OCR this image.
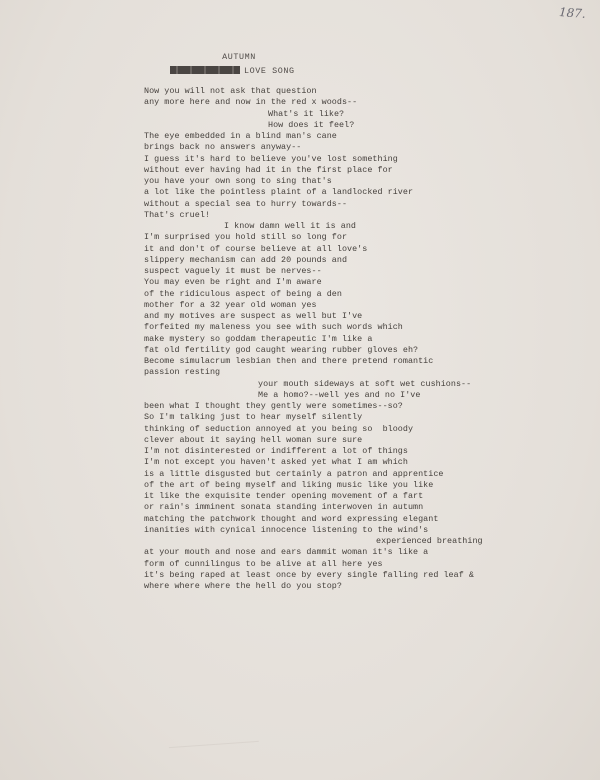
187.
AUTUMN
LOVE SONG
Now you will not ask that question
any more here and now in the red x woods--
What's it like?
How does it feel?
The eye embedded in a blind man's cane
brings back no answers anyway--
I guess it's hard to believe you've lost something
without ever having had it in the first place for
you have your own song to sing that's
a lot like the pointless plaint of a landlocked river
without a special sea to hurry towards--
That's cruel!
I know damn well it is and
I'm surprised you hold still so long for
it and don't of course believe at all love's
slippery mechanism can add 20 pounds and
suspect vaguely it must be nerves--
You may even be right and I'm aware
of the ridiculous aspect of being a den
mother for a 32 year old woman yes
and my motives are suspect as well but I've
forfeited my maleness you see with such words which
make mystery so goddam therapeutic I'm like a
fat old fertility god caught wearing rubber gloves eh?
Become simulacrum lesbian then and there pretend romantic
passion resting
your mouth sideways at soft wet cushions--
Me a homo?--well yes and no I've
been what I thought they gently were sometimes--so?
So I'm talking just to hear myself silently
thinking of seduction annoyed at you being so  bloody
clever about it saying hell woman sure sure
I'm not disinterested or indifferent a lot of things
I'm not except you haven't asked yet what I am which
is a little disgusted but certainly a patron and apprentice
of the art of being myself and liking music like you like
it like the exquisite tender opening movement of a fart
or rain's imminent sonata standing interwoven in autumn
matching the patchwork thought and word expressing elegant
inanities with cynical innocence listening to the wind's
experienced breathing
at your mouth and nose and ears dammit woman it's like a
form of cunnilingus to be alive at all here yes
it's being raped at least once by every single falling red leaf &
where where where the hell do you stop?
